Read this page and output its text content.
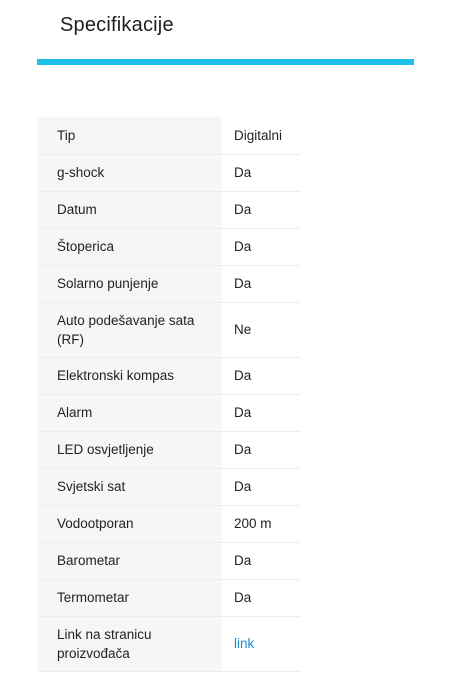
Specifikacije
Tip	Digitalni
g-shock	Da
Datum	Da
Štoperica	Da
Solarno punjenje	Da
Auto podešavanje sata (RF)	Ne
Elektronski kompas	Da
Alarm	Da
LED osvjetljenje	Da
Svjetski sat	Da
Vodootporan	200 m
Barometar	Da
Termometar	Da
Link na stranicu proizvođača	link
